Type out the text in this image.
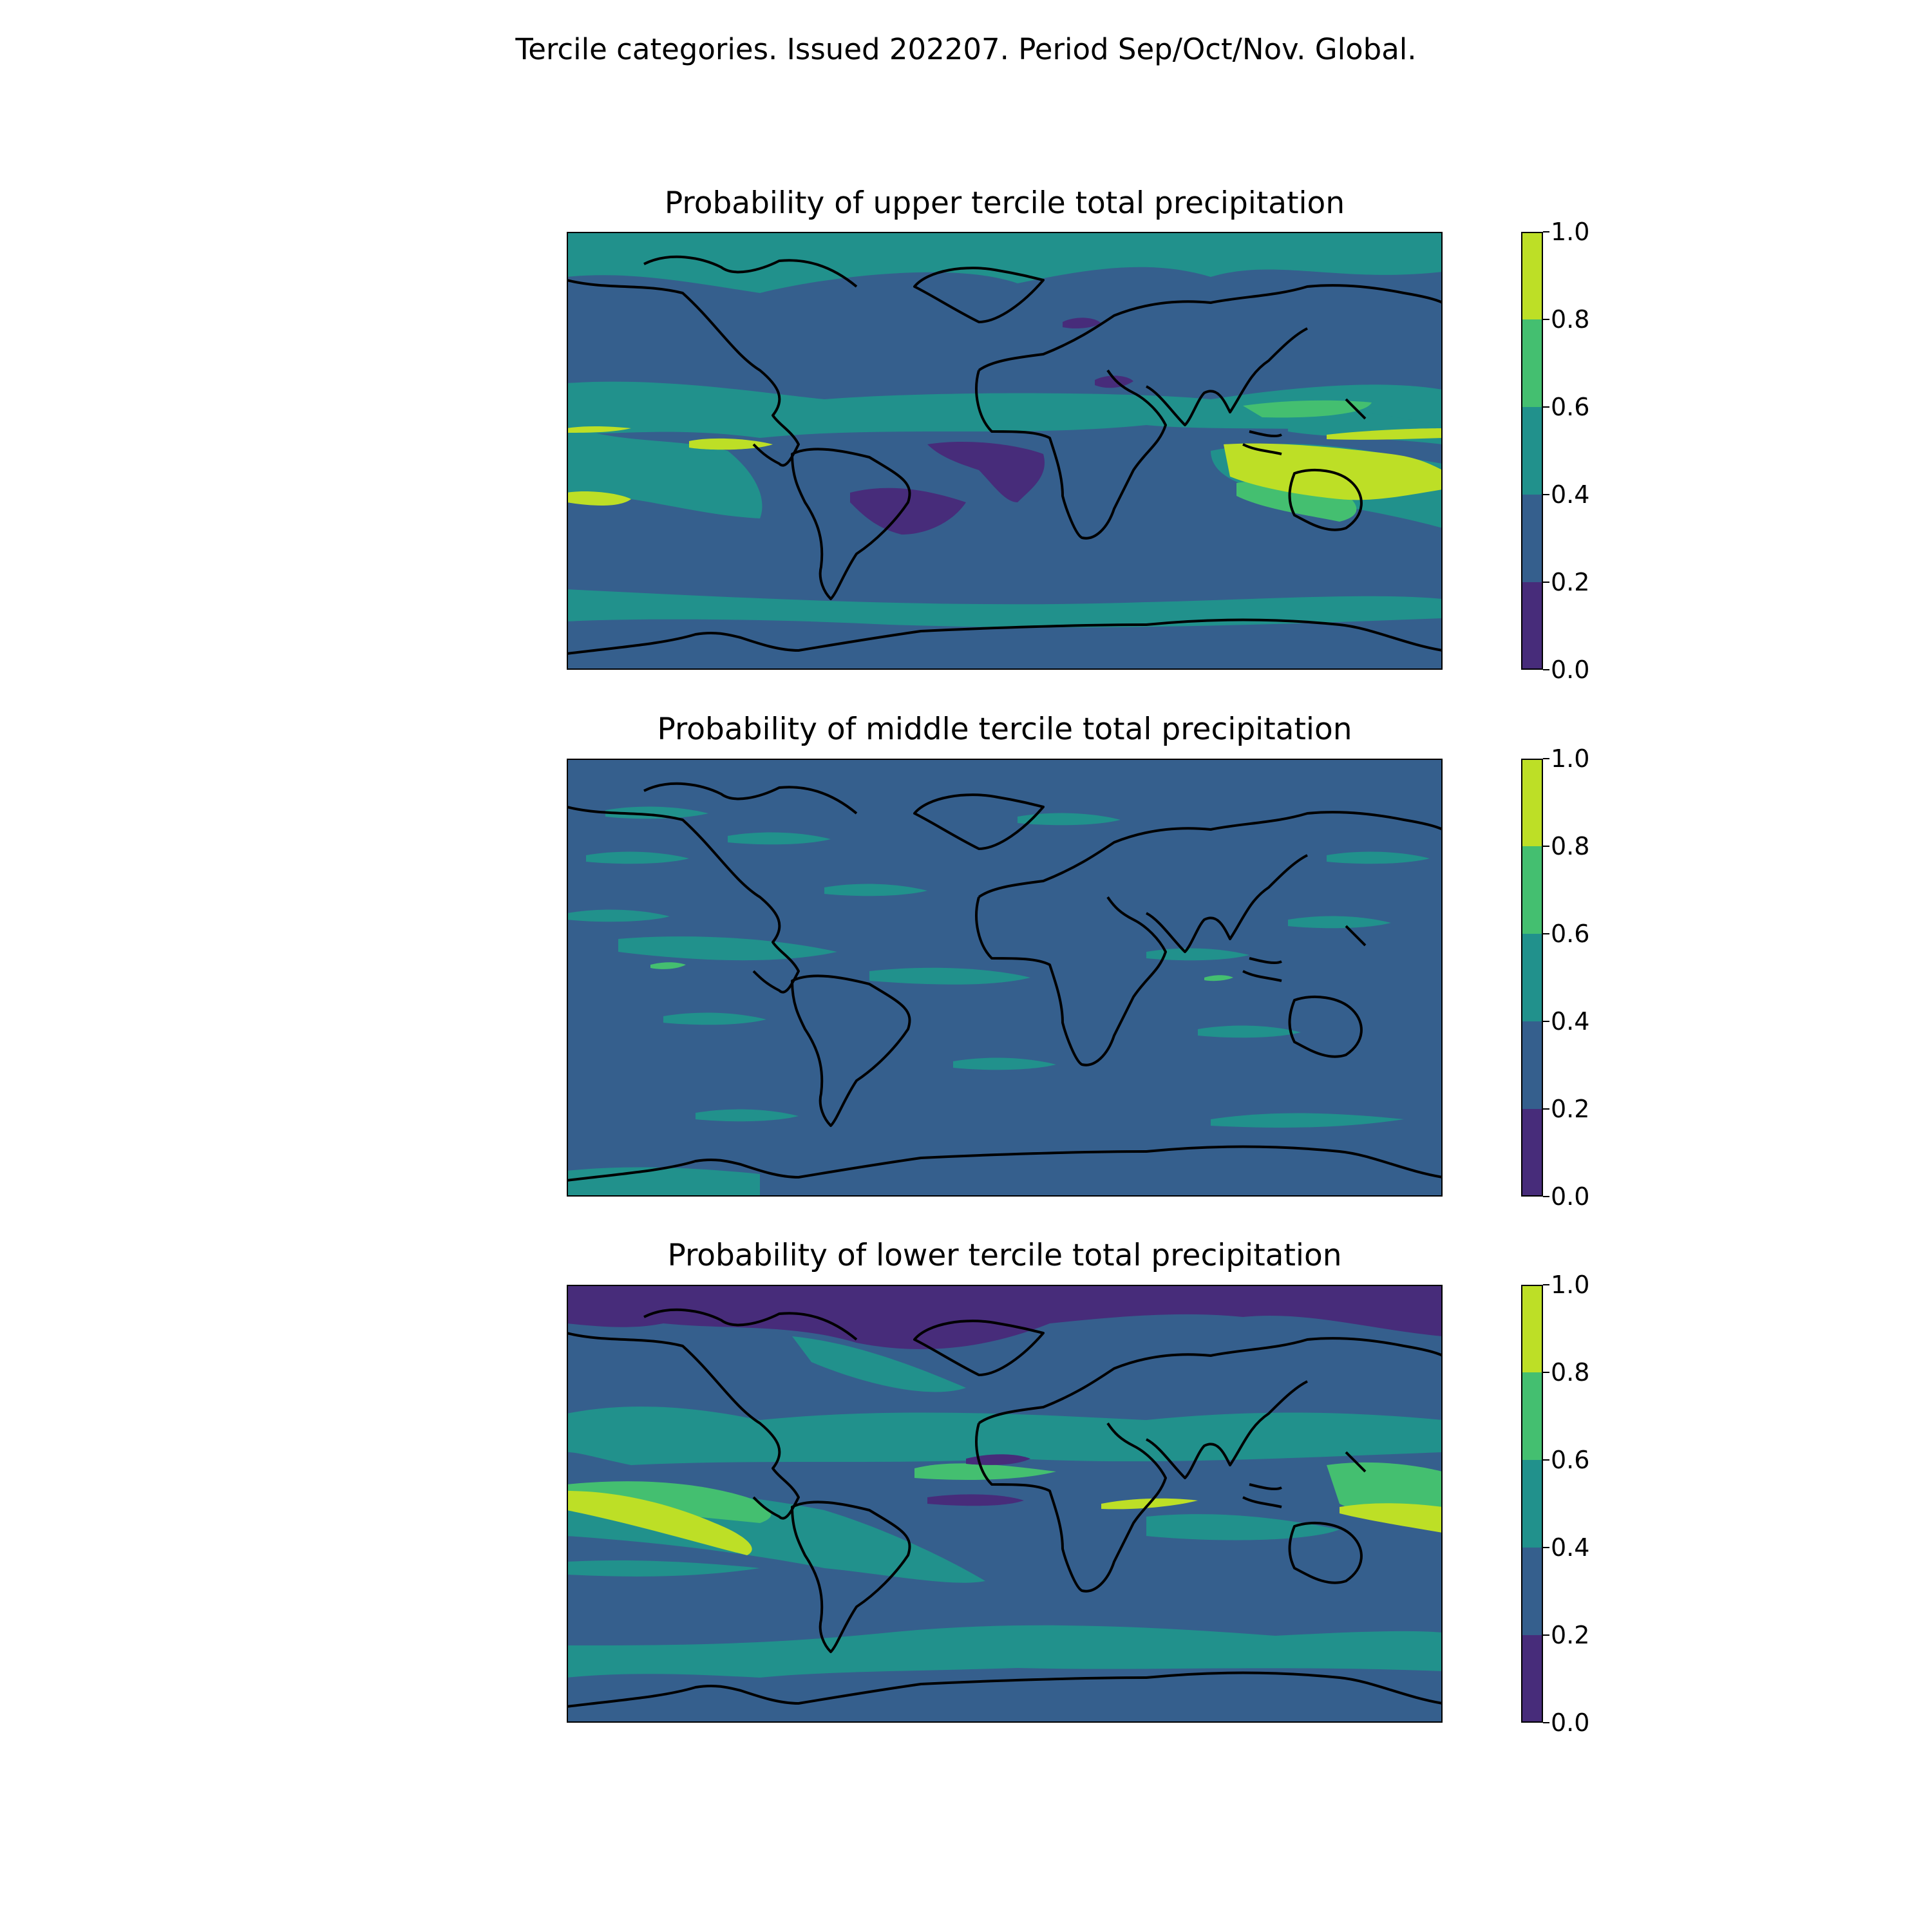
Tercile categories. Issued 202207. Period Sep/Oct/Nov. Global.
Probability of upper tercile total precipitation
0.0
0.2
0.4
0.6
0.8
1.0
Probability of middle tercile total precipitation
0.0
0.2
0.4
0.6
0.8
1.0
Probability of lower tercile total precipitation
0.0
0.2
0.4
0.6
0.8
1.0
